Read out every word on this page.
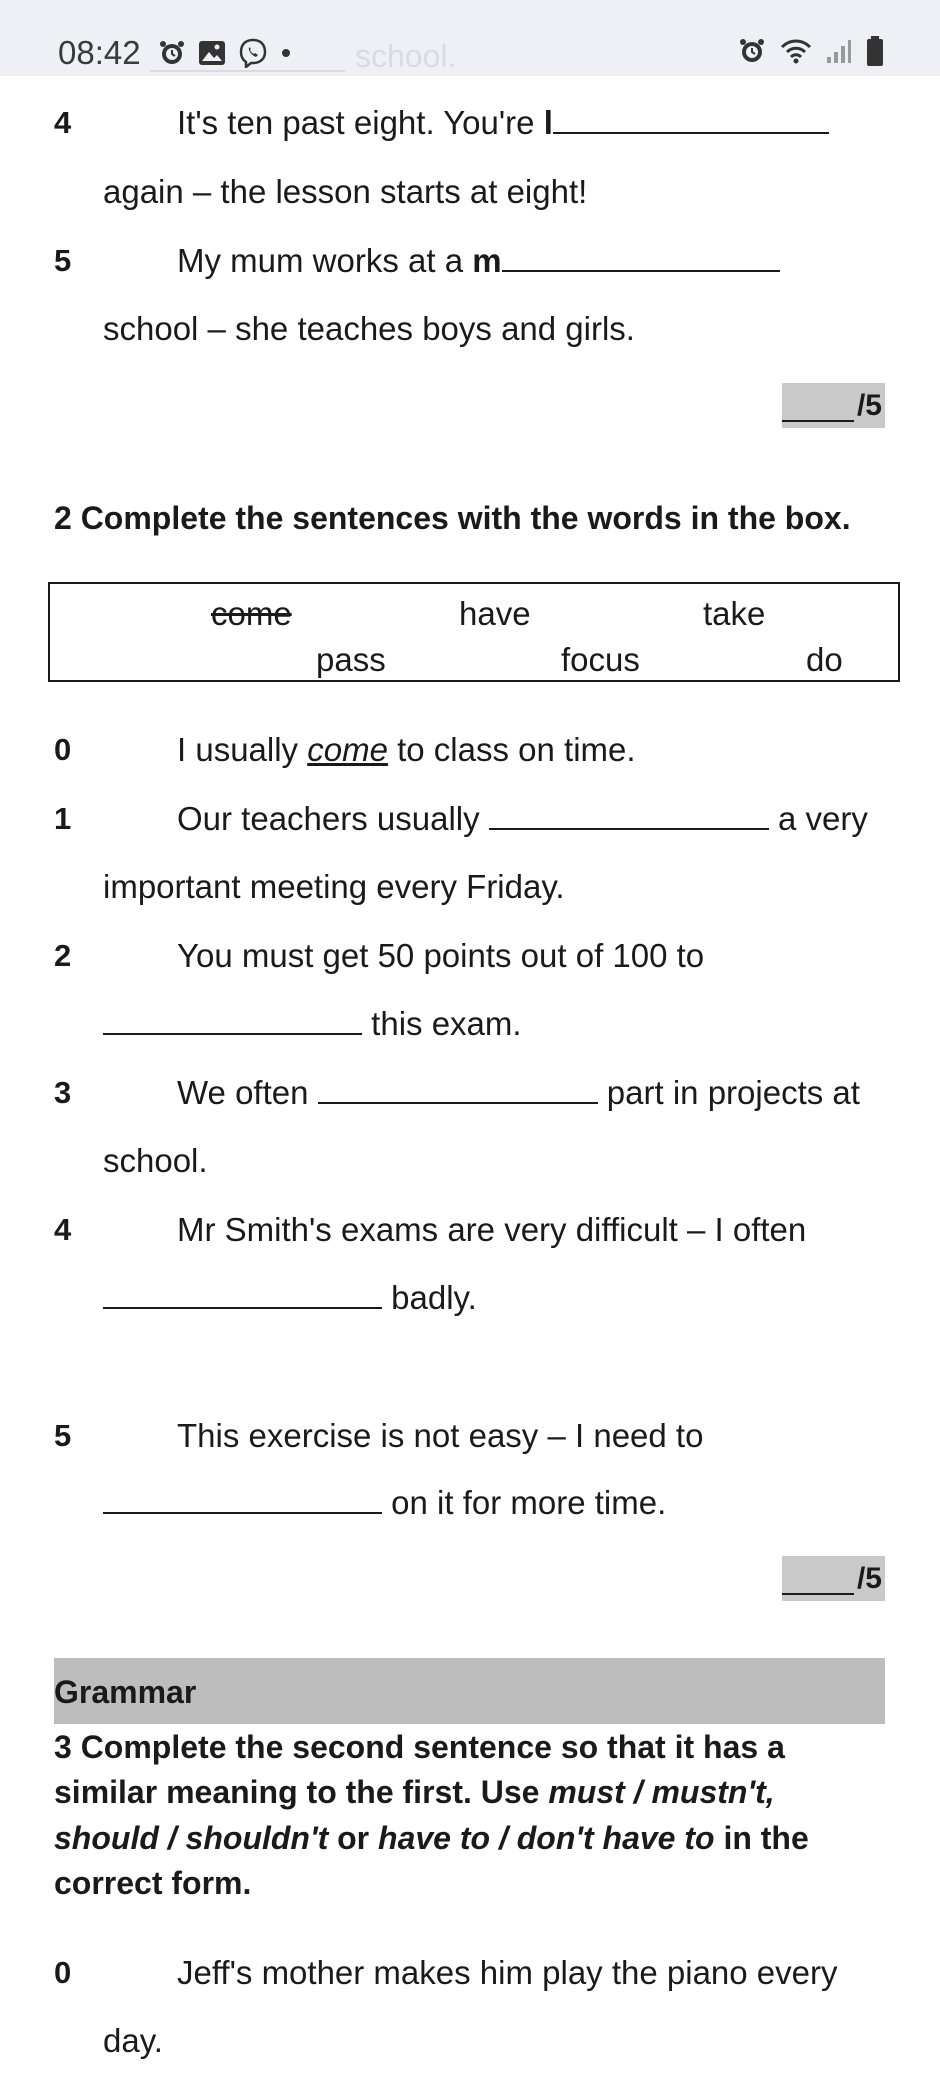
school.
08:42
4	It's ten past eight. You're l
again – the lesson starts at eight!
5	My mum works at a m
school – she teaches boys and girls.
/5
2 Complete the sentences with the words in the box.
come	have	take
pass	focus	do
0	I usually come to class on time.
1	Our teachers usually	a very
important meeting every Friday.
2	You must get 50 points out of 100 to
this exam.
3	We often	part in projects at
school.
4	Mr Smith's exams are very difficult – I often
badly.
5	This exercise is not easy – I need to
on it for more time.
/5
Grammar
3 Complete the second sentence so that it has a
similar meaning to the first. Use must / mustn't,
should / shouldn't or have to / don't have to in the
correct form.
0	Jeff's mother makes him play the piano every
day.
